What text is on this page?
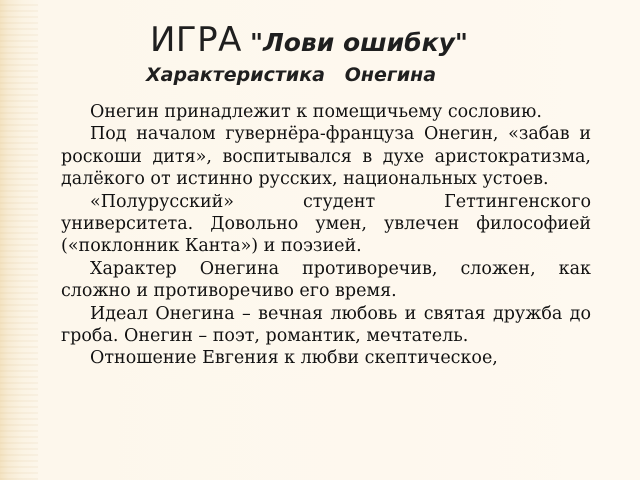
ИГРА "Лови ошибку"
Характеристика   Онегина

Онегин принадлежит к помещичьему сословию.

Под началом гувернёра-француза Онегин, «забав и роскоши дитя», воспитывался в духе аристократизма, далёкого от истинно русских, национальных устоев.

«Полурусский» студент Геттингенского университета. Довольно умен, увлечен философией («поклонник Канта») и поэзией.

Характер Онегина противоречив, сложен, как сложно и противоречиво его время.

Идеал Онегина – вечная любовь и святая дружба до гроба. Онегин – поэт, романтик, мечтатель.

Отношение Евгения к любви скептическое,
